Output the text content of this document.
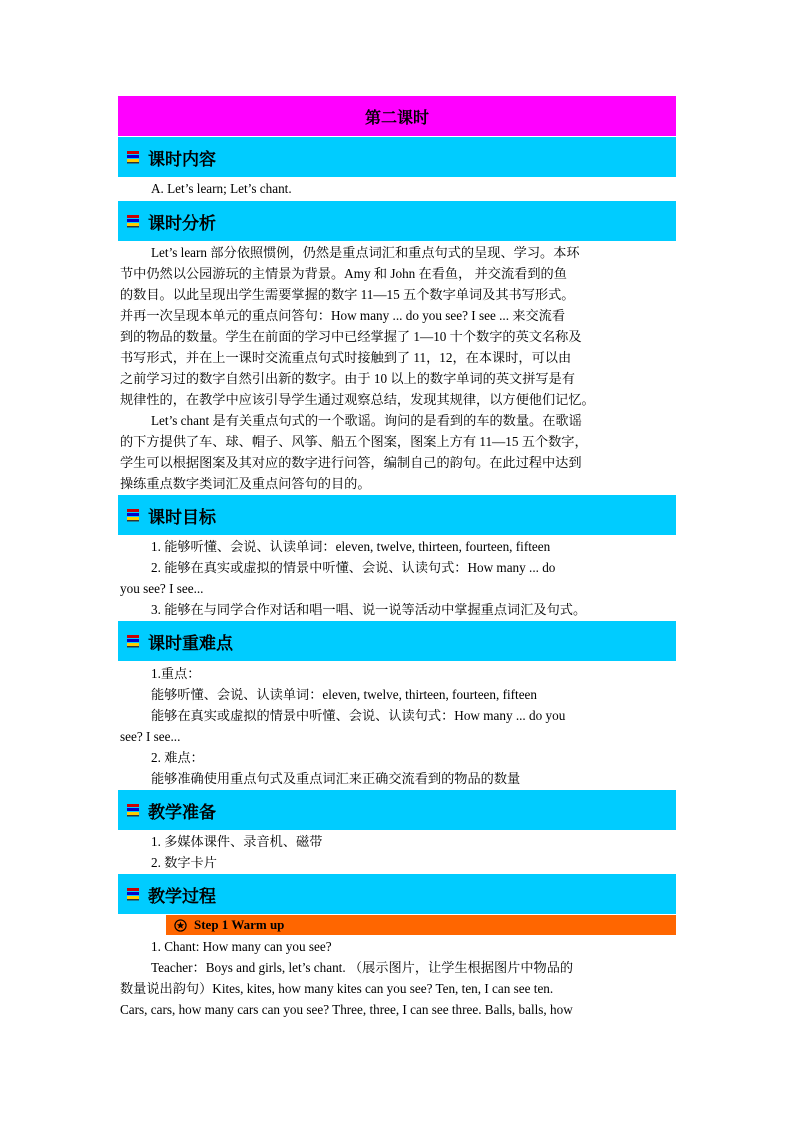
第二课时
课时内容
A. Let’s learn; Let’s chant.
课时分析
Let’s learn 部分依照惯例，仍然是重点词汇和重点句式的呈现、学习。本环
节中仍然以公园游玩的主情景为背景。Amy 和 John 在看鱼， 并交流看到的鱼
的数目。以此呈现出学生需要掌握的数字 11—15 五个数字单词及其书写形式。
并再一次呈现本单元的重点问答句：How many ... do you see? I see ... 来交流看
到的物品的数量。学生在前面的学习中已经掌握了 1—10 十个数字的英文名称及
书写形式，并在上一课时交流重点句式时接触到了 11，12，在本课时，可以由
之前学习过的数字自然引出新的数字。由于 10 以上的数字单词的英文拼写是有
规律性的，在教学中应该引导学生通过观察总结，发现其规律，以方便他们记忆。
Let’s chant 是有关重点句式的一个歌谣。询问的是看到的车的数量。在歌谣
的下方提供了车、球、帽子、风筝、船五个图案，图案上方有 11—15 五个数字，
学生可以根据图案及其对应的数字进行问答，编制自己的韵句。在此过程中达到
操练重点数字类词汇及重点问答句的目的。
课时目标
1. 能够听懂、会说、认读单词：eleven, twelve, thirteen, fourteen, fifteen
2. 能够在真实或虚拟的情景中听懂、会说、认读句式：How many ... do
you see? I see...
3. 能够在与同学合作对话和唱一唱、说一说等活动中掌握重点词汇及句式。
课时重难点
1.重点：
能够听懂、会说、认读单词：eleven, twelve, thirteen, fourteen, fifteen
能够在真实或虚拟的情景中听懂、会说、认读句式：How many ... do you
see? I see...
2. 难点：
能够准确使用重点句式及重点词汇来正确交流看到的物品的数量
教学准备
1. 多媒体课件、录音机、磁带
2. 数字卡片
教学过程
Step 1 Warm up
1. Chant: How many can you see?
Teacher：Boys and girls, let’s chant. （展示图片，让学生根据图片中物品的
数量说出韵句）Kites, kites, how many kites can you see? Ten, ten, I can see ten.
Cars, cars, how many cars can you see? Three, three, I can see three. Balls, balls, how
